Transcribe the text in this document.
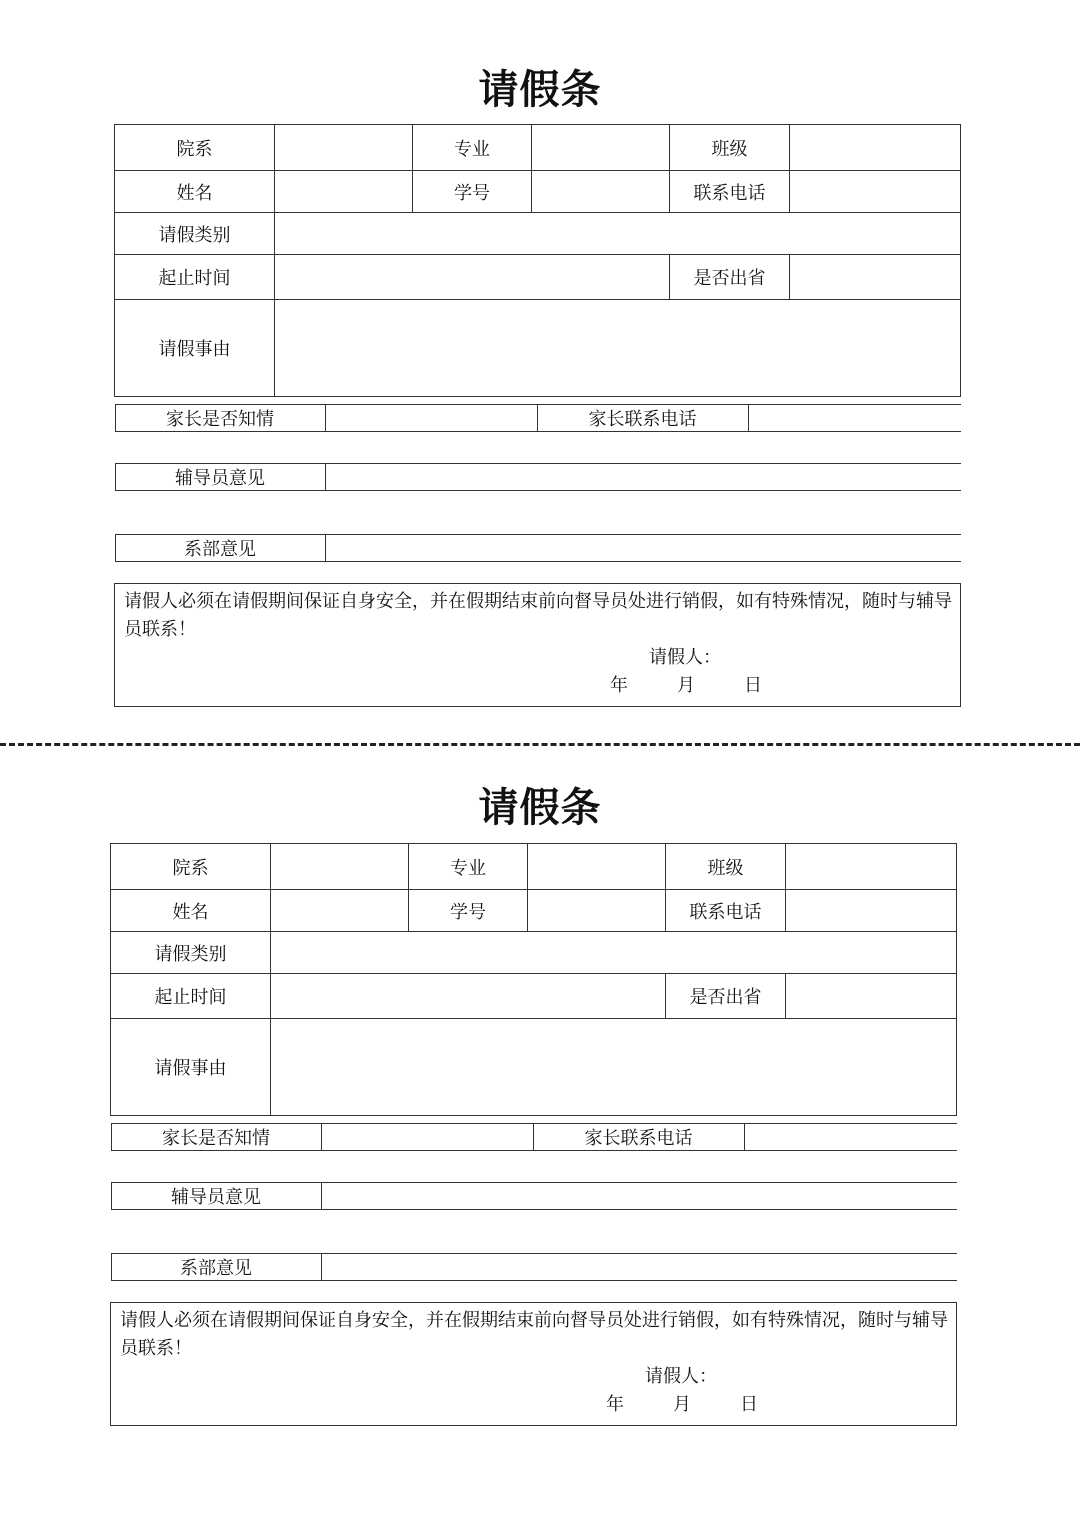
请假条
院系		专业		班级	
姓名		学号		联系电话	
请假类别	
起止时间		是否出省	
请假事由	

家长是否知情		家长联系电话	

辅导员意见	

系部意见	

请假人必须在请假期间保证自身安全，并在假期结束前向督导员处进行销假，如有特殊情况，随时与辅导员联系！
请假人：
年	月	日
请假条
院系		专业		班级	
姓名		学号		联系电话	
请假类别	
起止时间		是否出省	
请假事由	

家长是否知情		家长联系电话	

辅导员意见	

系部意见	

请假人必须在请假期间保证自身安全，并在假期结束前向督导员处进行销假，如有特殊情况，随时与辅导员联系！
请假人：
年	月	日
